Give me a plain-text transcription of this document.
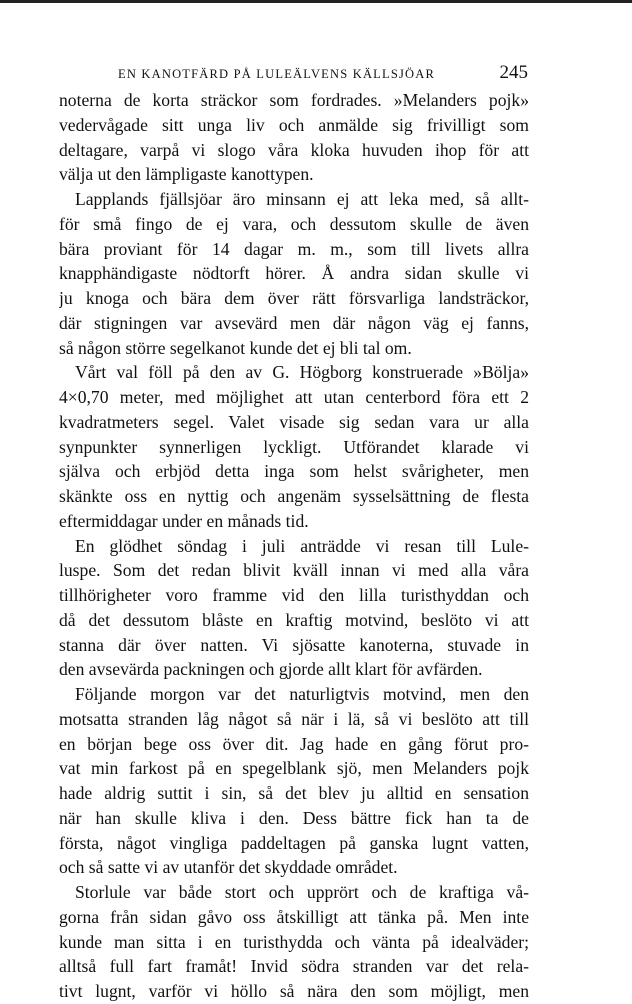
EN KANOTFÄRD PÅ LULEÄLVENS KÄLLSJÖAR	245
noterna de korta sträckor som fordrades. »Melanders pojk»
vedervågade sitt unga liv och anmälde sig frivilligt som
deltagare, varpå vi slogo våra kloka huvuden ihop för att
välja ut den lämpligaste kanottypen.
Lapplands fjällsjöar äro minsann ej att leka med, så allt-
för små fingo de ej vara, och dessutom skulle de även
bära proviant för 14 dagar m. m., som till livets allra
knapphändigaste nödtorft hörer. Å andra sidan skulle vi
ju knoga och bära dem över rätt försvarliga landsträckor,
där stigningen var avsevärd men där någon väg ej fanns,
så någon större segelkanot kunde det ej bli tal om.
Vårt val föll på den av G. Högborg konstruerade »Bölja»
4×0,70 meter, med möjlighet att utan centerbord föra ett 2
kvadratmeters segel. Valet visade sig sedan vara ur alla
synpunkter synnerligen lyckligt. Utförandet klarade vi
själva och erbjöd detta inga som helst svårigheter, men
skänkte oss en nyttig och angenäm sysselsättning de flesta
eftermiddagar under en månads tid.
En glödhet söndag i juli anträdde vi resan till Lule-
luspe. Som det redan blivit kväll innan vi med alla våra
tillhörigheter voro framme vid den lilla turisthyddan och
då det dessutom blåste en kraftig motvind, beslöto vi att
stanna där över natten. Vi sjösatte kanoterna, stuvade in
den avsevärda packningen och gjorde allt klart för avfärden.
Följande morgon var det naturligtvis motvind, men den
motsatta stranden låg något så när i lä, så vi beslöto att till
en början bege oss över dit. Jag hade en gång förut pro-
vat min farkost på en spegelblank sjö, men Melanders pojk
hade aldrig suttit i sin, så det blev ju alltid en sensation
när han skulle kliva i den. Dess bättre fick han ta de
första, något vingliga paddeltagen på ganska lugnt vatten,
och så satte vi av utanför det skyddade området.
Storlule var både stort och upprört och de kraftiga vå-
gorna från sidan gåvo oss åtskilligt att tänka på. Men inte
kunde man sitta i en turisthydda och vänta på idealväder;
alltså full fart framåt! Invid södra stranden var det rela-
tivt lugnt, varför vi höllo så nära den som möjligt, men
